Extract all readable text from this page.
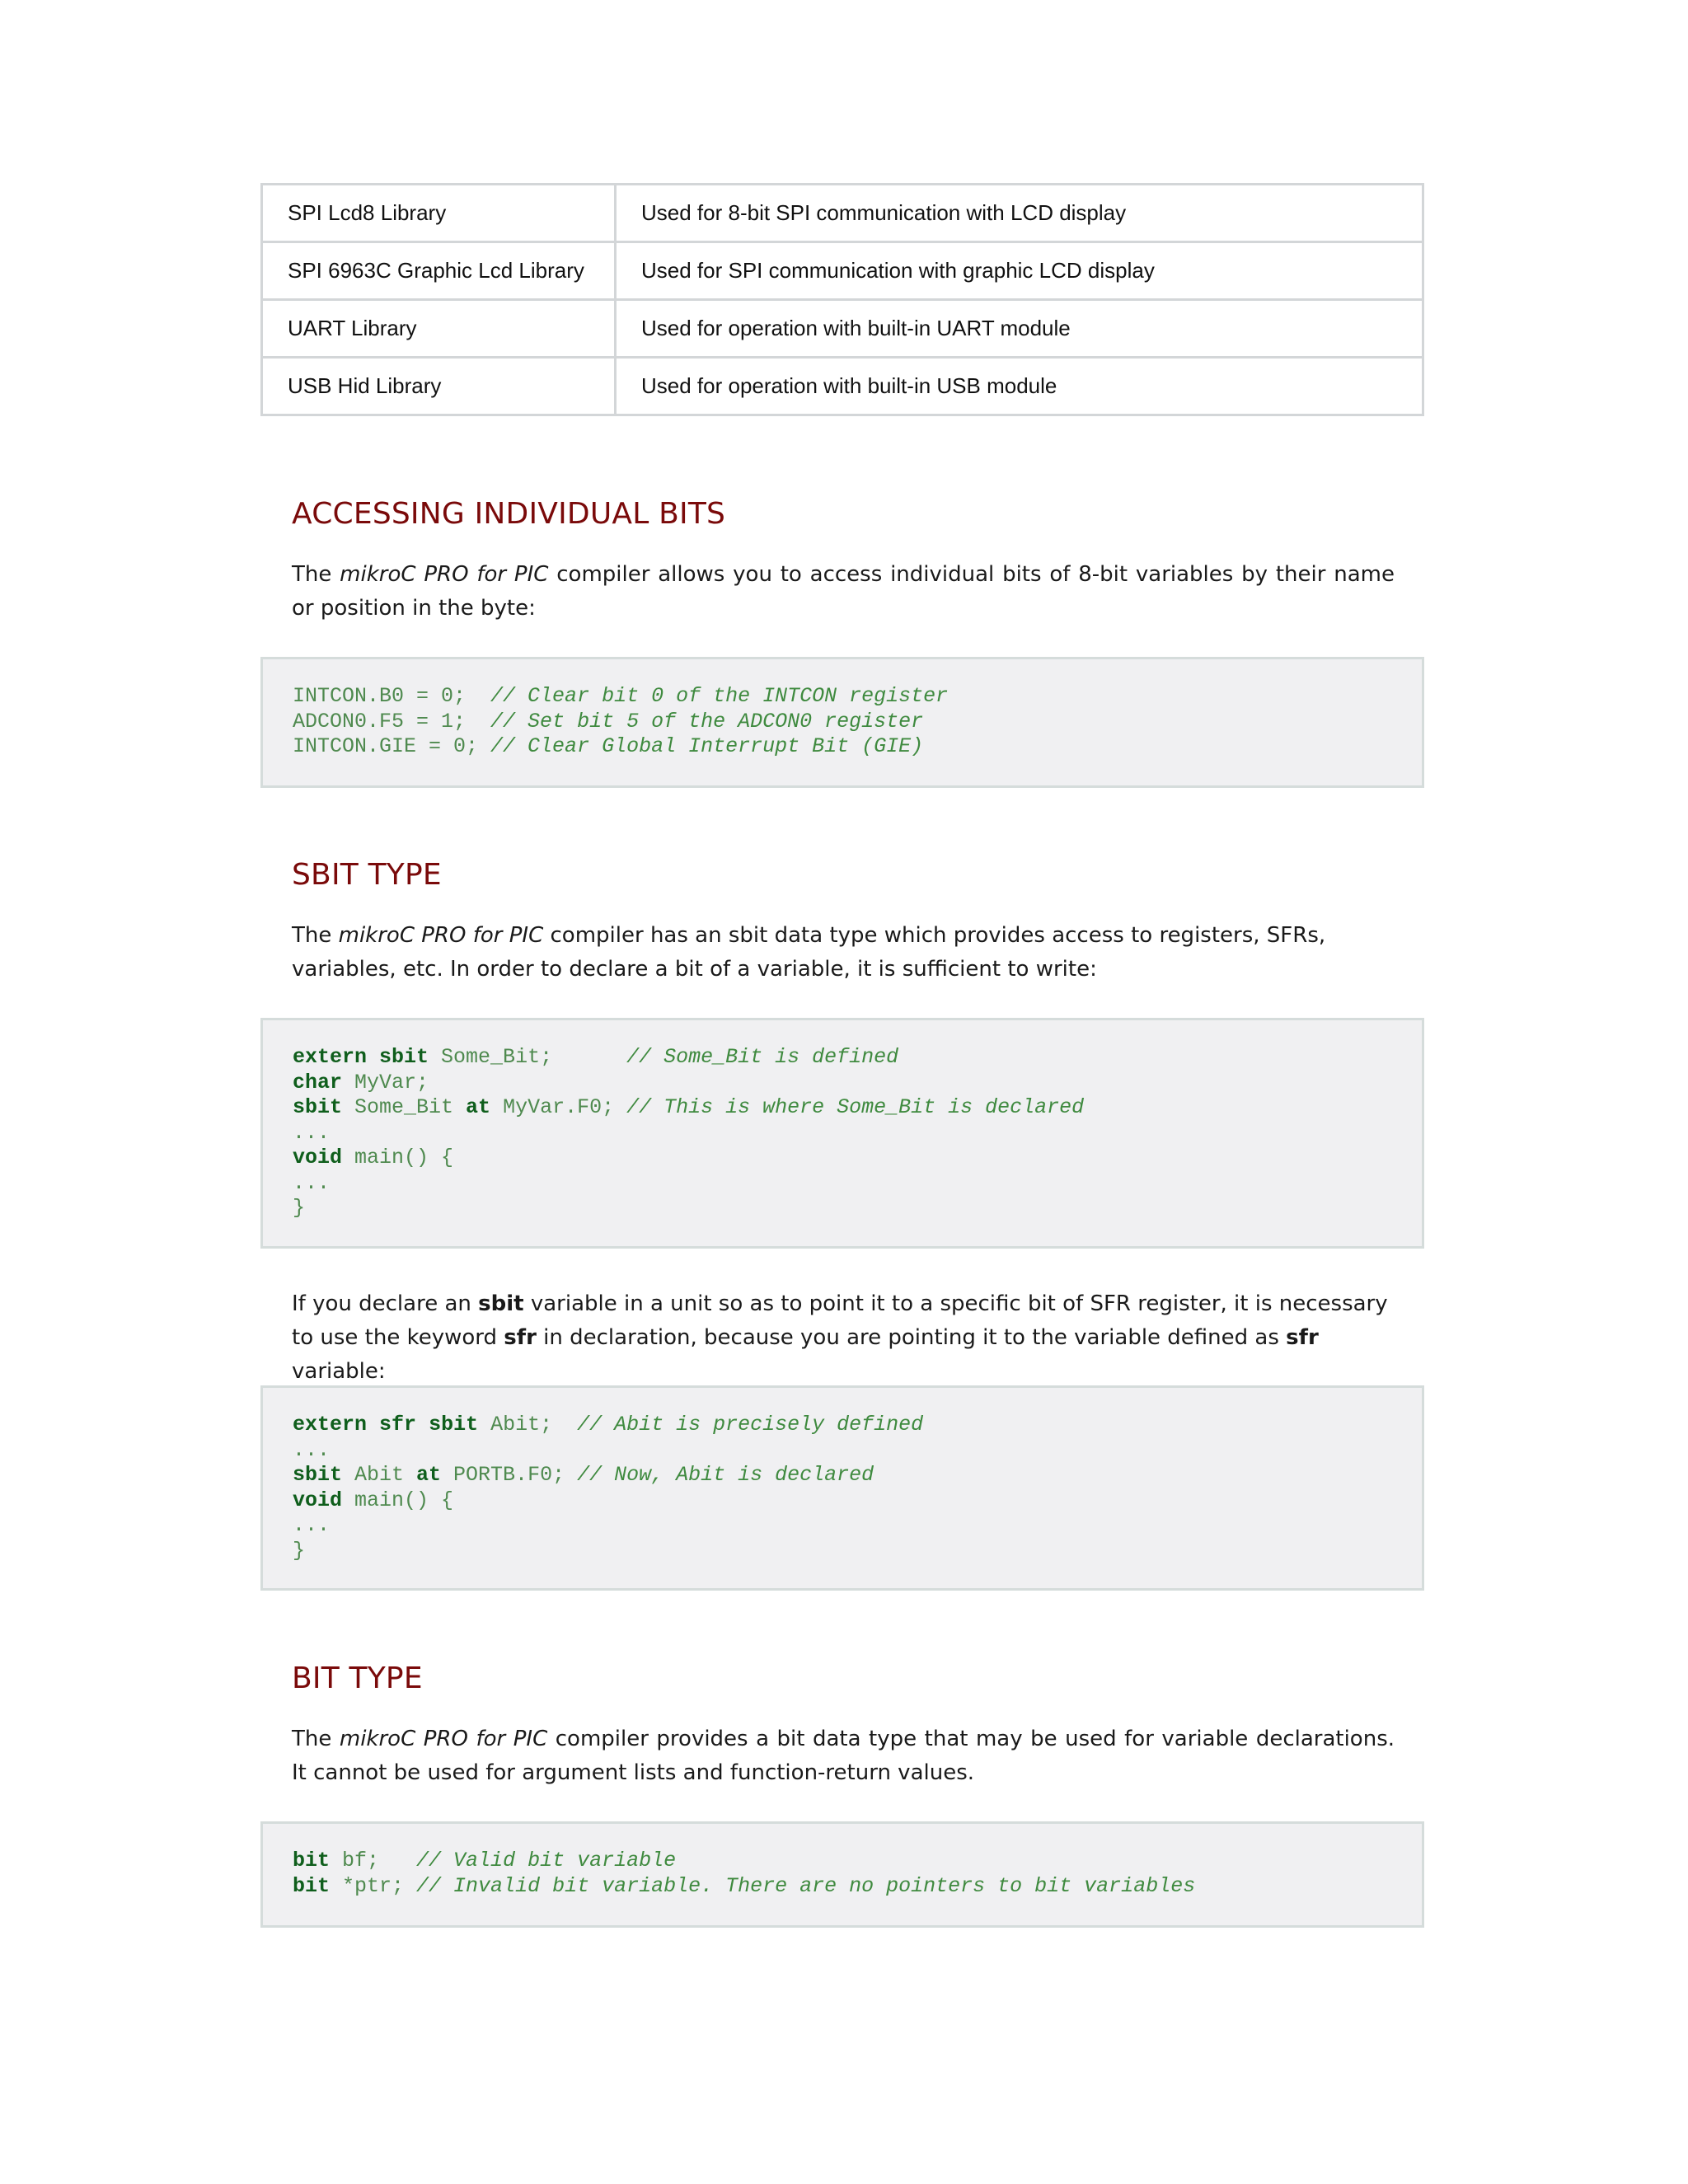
SPI Lcd8 Library	Used for 8-bit SPI communication with LCD display
SPI 6963C Graphic Lcd Library	Used for SPI communication with graphic LCD display
UART Library	Used for operation with built-in UART module
USB Hid Library	Used for operation with built-in USB module
ACCESSING INDIVIDUAL BITS

The mikroC PRO for PIC compiler allows you to access individual bits of 8-bit variables by their name or position in the byte:

INTCON.B0 = 0;  // Clear bit 0 of the INTCON register
ADCON0.F5 = 1;  // Set bit 5 of the ADCON0 register
INTCON.GIE = 0; // Clear Global Interrupt Bit (GIE)
SBIT TYPE

The mikroC PRO for PIC compiler has an sbit data type which provides access to registers, SFRs, variables, etc. In order to declare a bit of a variable, it is sufficient to write:

extern sbit Some_Bit;      // Some_Bit is defined
char MyVar;
sbit Some_Bit at MyVar.F0; // This is where Some_Bit is declared
...
void main() {
...
}

If you declare an sbit variable in a unit so as to point it to a specific bit of SFR register, it is necessary to use the keyword sfr in declaration, because you are pointing it to the variable defined as sfr variable:

extern sfr sbit Abit;  // Abit is precisely defined
...
sbit Abit at PORTB.F0; // Now, Abit is declared
void main() {
...
}
BIT TYPE

The mikroC PRO for PIC compiler provides a bit data type that may be used for variable declarations. It cannot be used for argument lists and function-return values.

bit bf;   // Valid bit variable
bit *ptr; // Invalid bit variable. There are no pointers to bit variables
